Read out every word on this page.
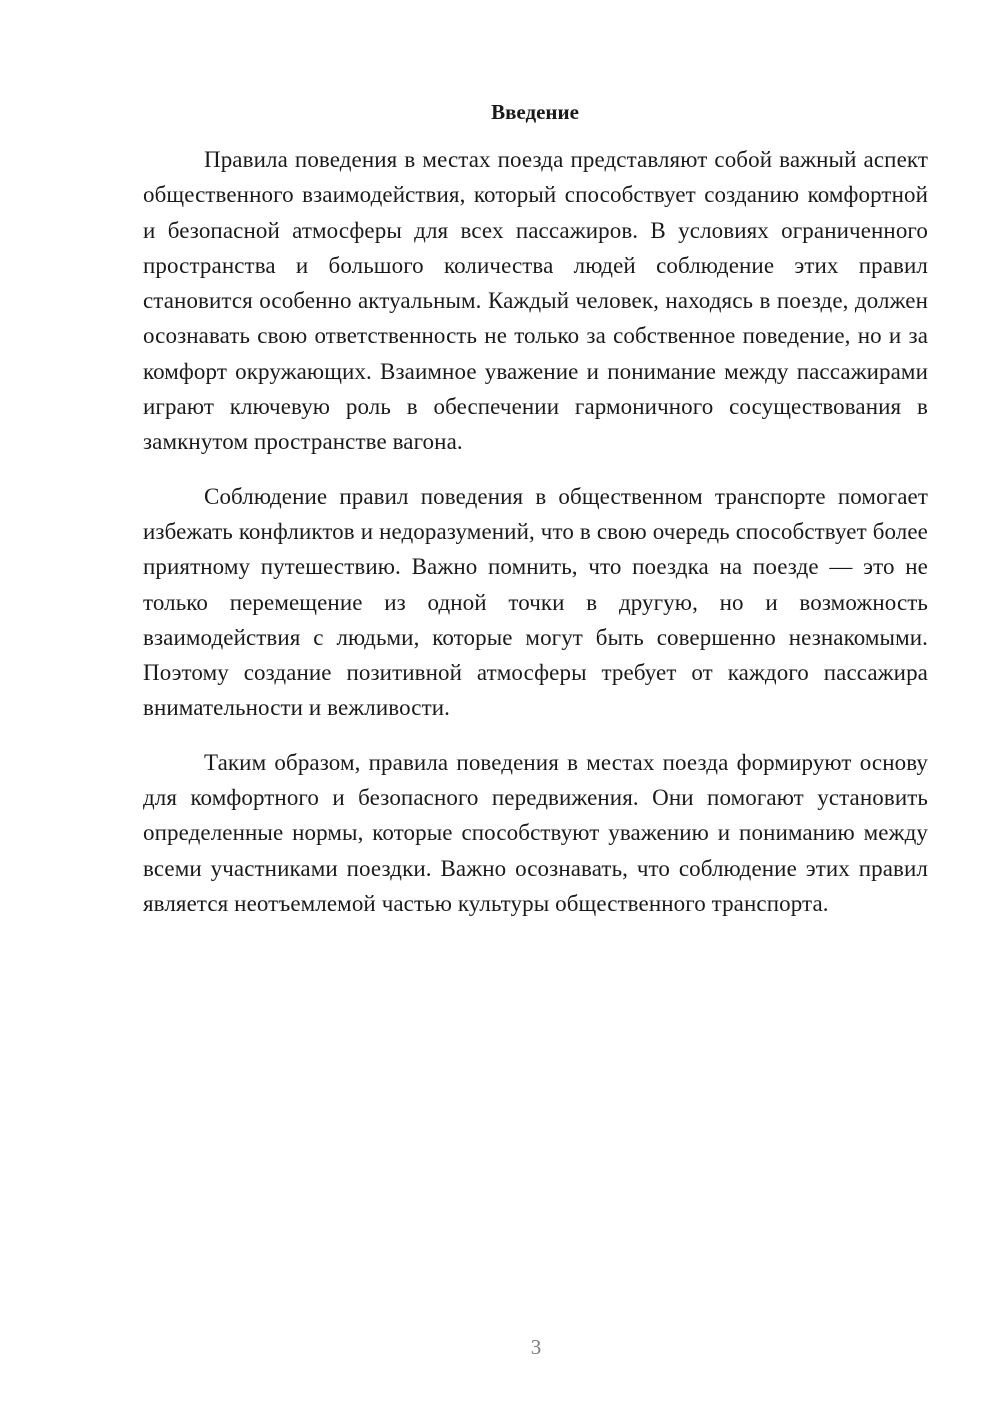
Введение

Правила поведения в местах поезда представляют собой важный аспект общественного взаимодействия, который способствует созданию комфортной и безопасной атмосферы для всех пассажиров. В условиях ограниченного пространства и большого количества людей соблюдение этих правил становится особенно актуальным. Каждый человек, находясь в поезде, должен осознавать свою ответственность не только за собственное поведение, но и за комфорт окружающих. Взаимное уважение и понимание между пассажирами играют ключевую роль в обеспечении гармоничного сосуществования в замкнутом пространстве вагона.

Соблюдение правил поведения в общественном транспорте помогает избежать конфликтов и недоразумений, что в свою очередь способствует более приятному путешествию. Важно помнить, что поездка на поезде — это не только перемещение из одной точки в другую, но и возможность взаимодействия с людьми, которые могут быть совершенно незнакомыми. Поэтому создание позитивной атмосферы требует от каждого пассажира внимательности и вежливости.

Таким образом, правила поведения в местах поезда формируют основу для комфортного и безопасного передвижения. Они помогают установить определенные нормы, которые способствуют уважению и пониманию между всеми участниками поездки. Важно осознавать, что соблюдение этих правил является неотъемлемой частью культуры общественного транспорта.

3
